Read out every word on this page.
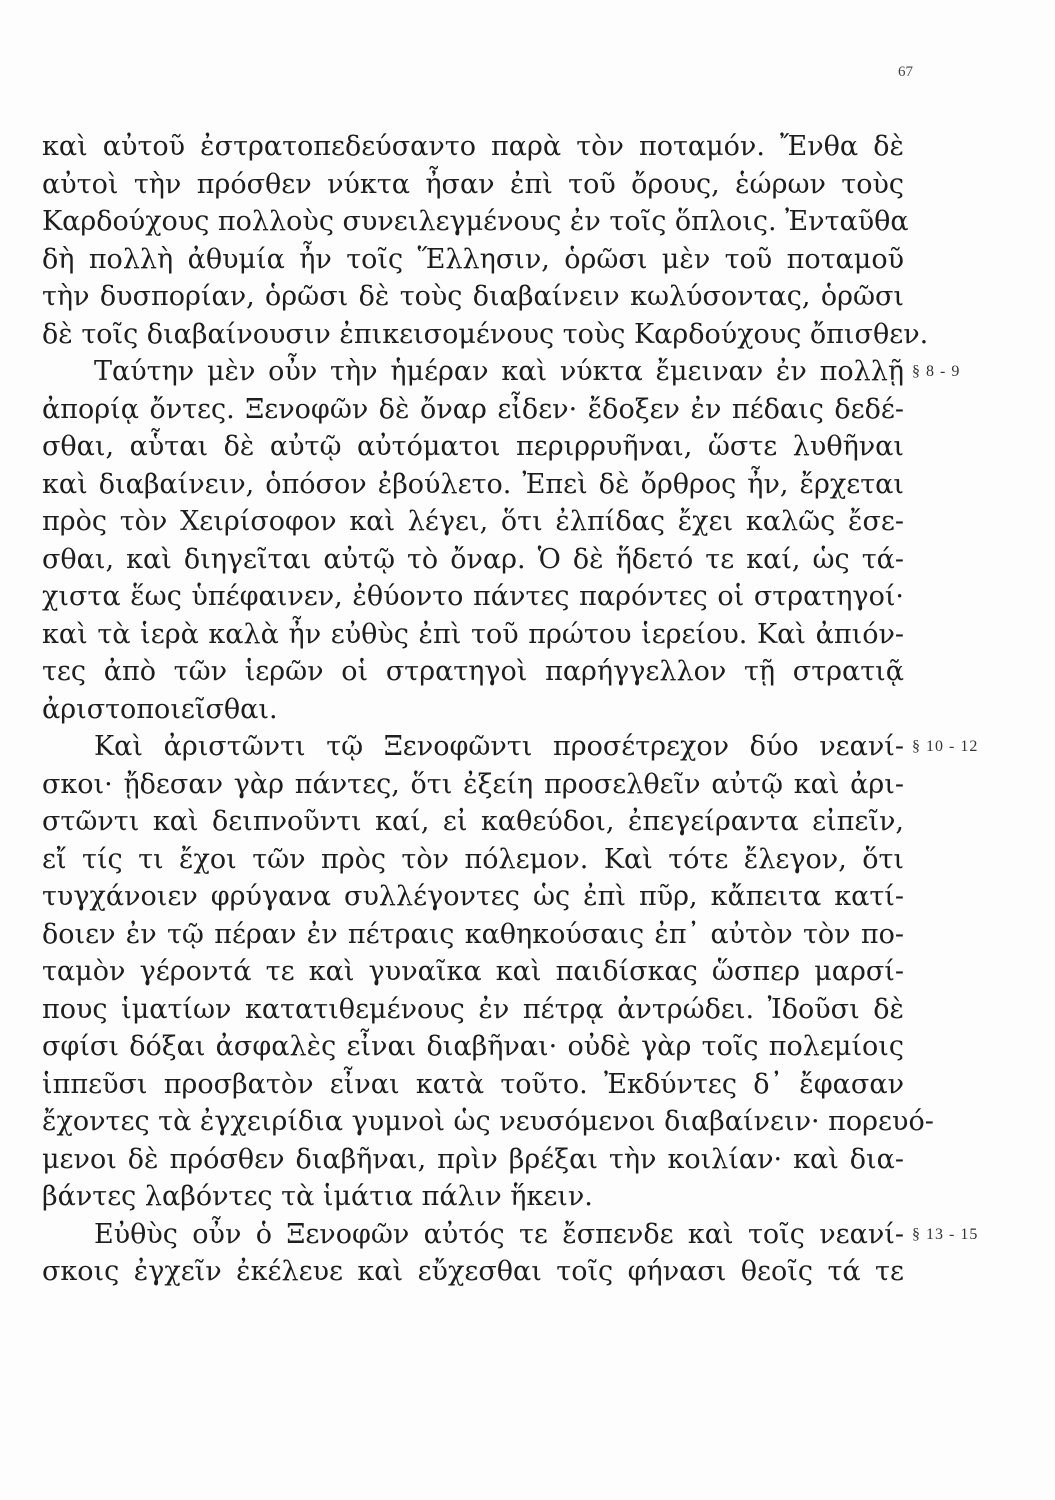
67
καὶ αὐτοῦ ἐστρατοπεδεύσαντο παρὰ τὸν ποταμόν. Ἔνθα δὲ
αὐτοὶ τὴν πρόσθεν νύκτα ἦσαν ἐπὶ τοῦ ὄρους, ἑώρων τοὺς
Καρδούχους πολλοὺς συνειλεγμένους ἐν τοῖς ὅπλοις. Ἐνταῦθα
δὴ πολλὴ ἀθυμία ἦν τοῖς Ἕλλησιν, ὁρῶσι μὲν τοῦ ποταμοῦ
τὴν δυσπορίαν, ὁρῶσι δὲ τοὺς διαβαίνειν κωλύσοντας, ὁρῶσι
δὲ τοῖς διαβαίνουσιν ἐπικεισομένους τοὺς Καρδούχους ὄπισθεν.
Ταύτην μὲν οὖν τὴν ἡμέραν καὶ νύκτα ἔμειναν ἐν πολλῇ § 8 - 9
ἀπορίᾳ ὄντες. Ξενοφῶν δὲ ὄναρ εἶδεν· ἔδοξεν ἐν πέδαις δεδέ-
σθαι, αὗται δὲ αὐτῷ αὐτόματοι περιρρυῆναι, ὥστε λυθῆναι
καὶ διαβαίνειν, ὁπόσον ἐβούλετο. Ἐπεὶ δὲ ὄρθρος ἦν, ἔρχεται
πρὸς τὸν Χειρίσοφον καὶ λέγει, ὅτι ἐλπίδας ἔχει καλῶς ἔσε-
σθαι, καὶ διηγεῖται αὐτῷ τὸ ὄναρ. Ὁ δὲ ἥδετό τε καί, ὡς τά-
χιστα ἕως ὑπέφαινεν, ἐθύοντο πάντες παρόντες οἱ στρατηγοί·
καὶ τὰ ἱερὰ καλὰ ἦν εὐθὺς ἐπὶ τοῦ πρώτου ἱερείου. Καὶ ἀπιόν-
τες ἀπὸ τῶν ἱερῶν οἱ στρατηγοὶ παρήγγελλον τῇ στρατιᾷ
ἀριστοποιεῖσθαι.
Καὶ ἀριστῶντι τῷ Ξενοφῶντι προσέτρεχον δύο νεανί- § 10 - 12
σκοι· ᾔδεσαν γὰρ πάντες, ὅτι ἐξείη προσελθεῖν αὐτῷ καὶ ἀρι-
στῶντι καὶ δειπνοῦντι καί, εἰ καθεύδοι, ἐπεγείραντα εἰπεῖν,
εἴ τίς τι ἔχοι τῶν πρὸς τὸν πόλεμον. Καὶ τότε ἔλεγον, ὅτι
τυγχάνοιεν φρύγανα συλλέγοντες ὡς ἐπὶ πῦρ, κἄπειτα κατί-
δοιεν ἐν τῷ πέραν ἐν πέτραις καθηκούσαις ἐπ᾽ αὐτὸν τὸν πο-
ταμὸν γέροντά τε καὶ γυναῖκα καὶ παιδίσκας ὥσπερ μαρσί-
πους ἱματίων κατατιθεμένους ἐν πέτρᾳ ἀντρώδει. Ἰδοῦσι δὲ
σφίσι δόξαι ἀσφαλὲς εἶναι διαβῆναι· οὐδὲ γὰρ τοῖς πολεμίοις
ἱππεῦσι προσβατὸν εἶναι κατὰ τοῦτο. Ἐκδύντες δ᾽ ἔφασαν
ἔχοντες τὰ ἐγχειρίδια γυμνοὶ ὡς νευσόμενοι διαβαίνειν· πορευό-
μενοι δὲ πρόσθεν διαβῆναι, πρὶν βρέξαι τὴν κοιλίαν· καὶ δια-
βάντες λαβόντες τὰ ἱμάτια πάλιν ἥκειν.
Εὐθὺς οὖν ὁ Ξενοφῶν αὐτός τε ἔσπενδε καὶ τοῖς νεανί- § 13 - 15
σκοις ἐγχεῖν ἐκέλευε καὶ εὔχεσθαι τοῖς φήνασι θεοῖς τά τε
